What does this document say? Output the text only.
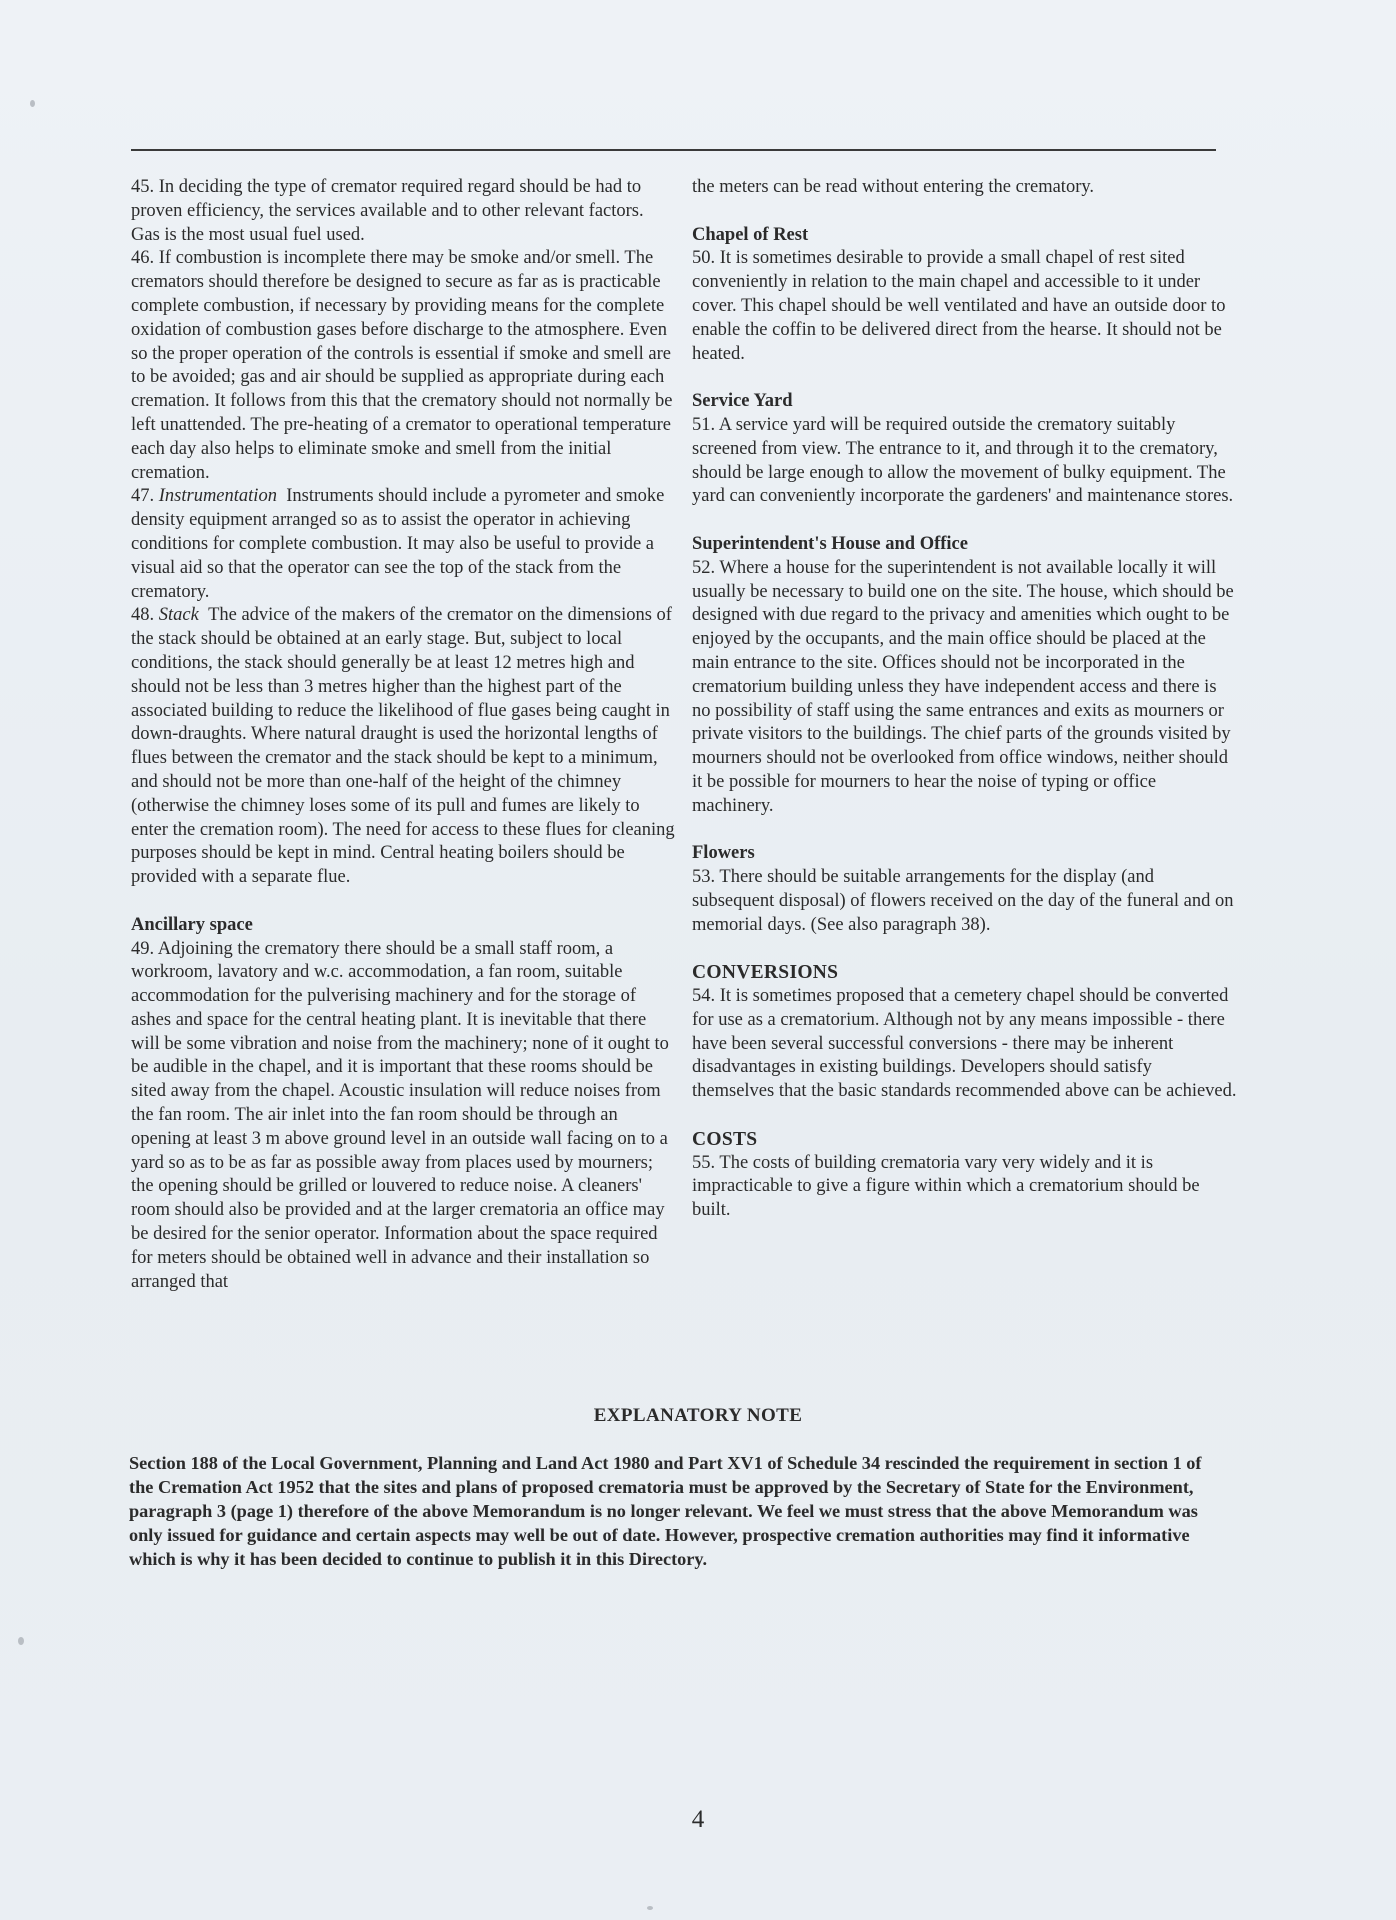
45. In deciding the type of cremator required regard should be had to proven efficiency, the services available and to other relevant factors. Gas is the most usual fuel used.

46. If combustion is incomplete there may be smoke and/or smell. The cremators should therefore be designed to secure as far as is practicable complete combustion, if necessary by providing means for the complete oxidation of combustion gases before discharge to the atmosphere. Even so the proper operation of the controls is essential if smoke and smell are to be avoided; gas and air should be supplied as appropriate during each cremation. It follows from this that the crematory should not normally be left unattended. The pre-heating of a cremator to operational temperature each day also helps to eliminate smoke and smell from the initial cremation.

47. Instrumentation Instruments should include a pyrometer and smoke density equipment arranged so as to assist the operator in achieving conditions for complete combustion. It may also be useful to provide a visual aid so that the operator can see the top of the stack from the crematory.

48. Stack The advice of the makers of the cremator on the dimensions of the stack should be obtained at an early stage. But, subject to local conditions, the stack should generally be at least 12 metres high and should not be less than 3 metres higher than the highest part of the associated building to reduce the likelihood of flue gases being caught in down-draughts. Where natural draught is used the horizontal lengths of flues between the cremator and the stack should be kept to a minimum, and should not be more than one-half of the height of the chimney (otherwise the chimney loses some of its pull and fumes are likely to enter the cremation room). The need for access to these flues for cleaning purposes should be kept in mind. Central heating boilers should be provided with a separate flue.

Ancillary space

49. Adjoining the crematory there should be a small staff room, a workroom, lavatory and w.c. accommodation, a fan room, suitable accommodation for the pulverising machinery and for the storage of ashes and space for the central heating plant. It is inevitable that there will be some vibration and noise from the machinery; none of it ought to be audible in the chapel, and it is important that these rooms should be sited away from the chapel. Acoustic insulation will reduce noises from the fan room. The air inlet into the fan room should be through an opening at least 3 m above ground level in an outside wall facing on to a yard so as to be as far as possible away from places used by mourners; the opening should be grilled or louvered to reduce noise. A cleaners' room should also be provided and at the larger crematoria an office may be desired for the senior operator. Information about the space required for meters should be obtained well in advance and their installation so arranged that

the meters can be read without entering the crematory.

Chapel of Rest

50. It is sometimes desirable to provide a small chapel of rest sited conveniently in relation to the main chapel and accessible to it under cover. This chapel should be well ventilated and have an outside door to enable the coffin to be delivered direct from the hearse. It should not be heated.

Service Yard

51. A service yard will be required outside the crematory suitably screened from view. The entrance to it, and through it to the crematory, should be large enough to allow the movement of bulky equipment. The yard can conveniently incorporate the gardeners' and maintenance stores.

Superintendent's House and Office

52. Where a house for the superintendent is not available locally it will usually be necessary to build one on the site. The house, which should be designed with due regard to the privacy and amenities which ought to be enjoyed by the occupants, and the main office should be placed at the main entrance to the site. Offices should not be incorporated in the crematorium building unless they have independent access and there is no possibility of staff using the same entrances and exits as mourners or private visitors to the buildings. The chief parts of the grounds visited by mourners should not be overlooked from office windows, neither should it be possible for mourners to hear the noise of typing or office machinery.

Flowers

53. There should be suitable arrangements for the display (and subsequent disposal) of flowers received on the day of the funeral and on memorial days. (See also paragraph 38).

CONVERSIONS

54. It is sometimes proposed that a cemetery chapel should be converted for use as a crematorium. Although not by any means impossible - there have been several successful conversions - there may be inherent disadvantages in existing buildings. Developers should satisfy themselves that the basic standards recommended above can be achieved.

COSTS

55. The costs of building crematoria vary very widely and it is impracticable to give a figure within which a crematorium should be built.

EXPLANATORY NOTE
Section 188 of the Local Government, Planning and Land Act 1980 and Part XV1 of Schedule 34 rescinded the requirement in section 1 of the Cremation Act 1952 that the sites and plans of proposed crematoria must be approved by the Secretary of State for the Environment, paragraph 3 (page 1) therefore of the above Memorandum is no longer relevant. We feel we must stress that the above Memorandum was only issued for guidance and certain aspects may well be out of date. However, prospective cremation authorities may find it informative which is why it has been decided to continue to publish it in this Directory.
4
